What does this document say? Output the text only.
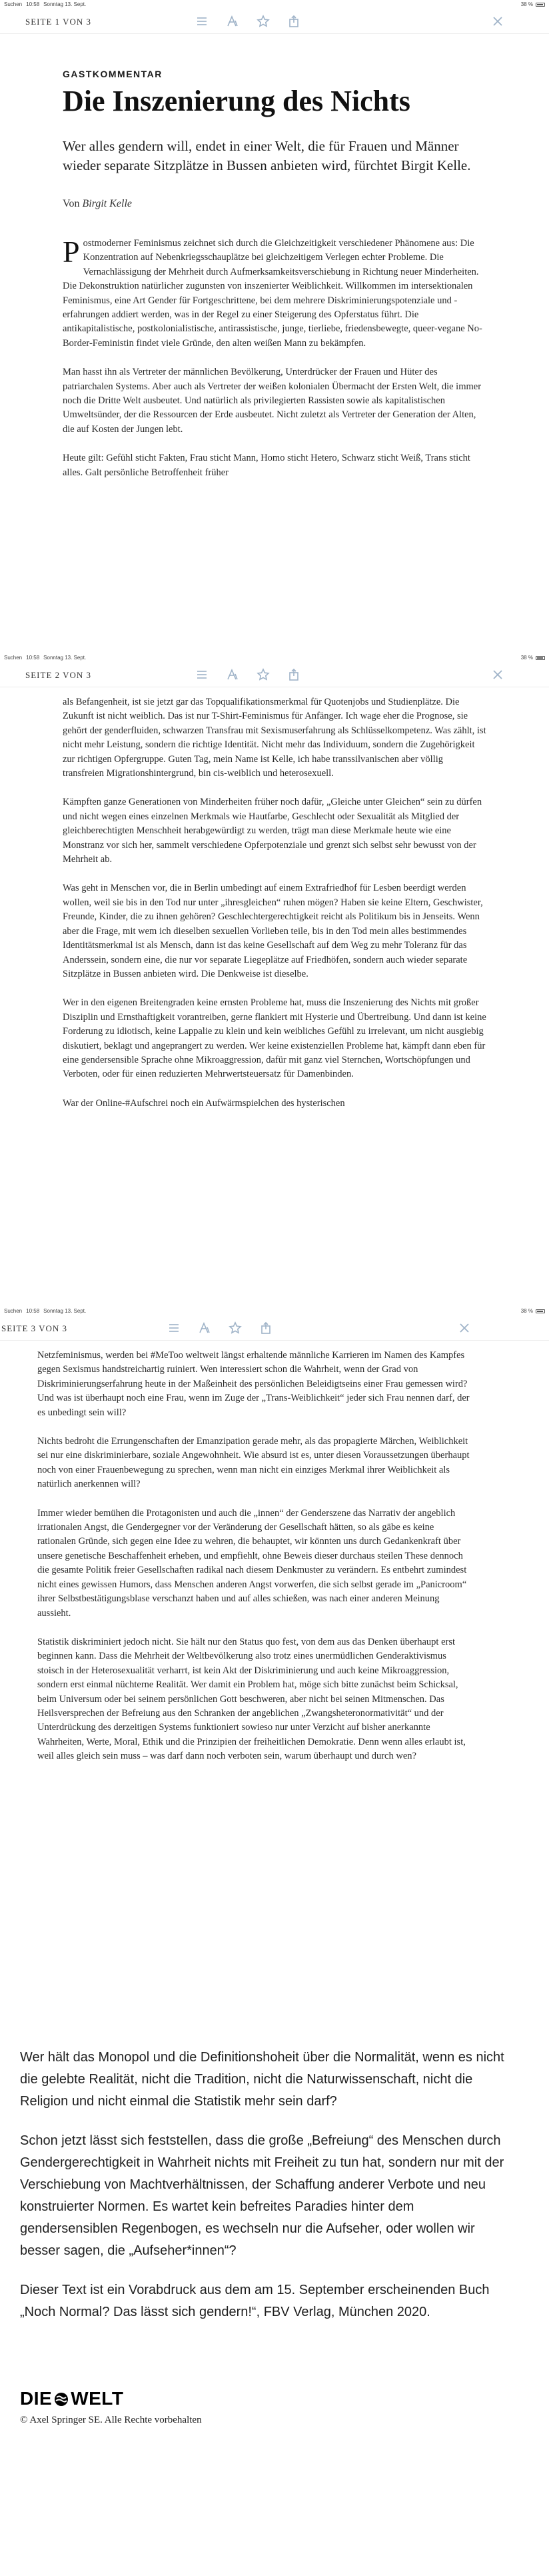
Suchen 10:58 Sonntag 13. Sept.	38 %
SEITE 1 VON 3
GASTKOMMENTAR
Die Inszenierung des Nichts

Wer alles gendern will, endet in einer Welt, die für Frauen und Männer wieder separate Sitzplätze in Bussen anbieten wird, fürchtet Birgit Kelle.

Von Birgit Kelle

Postmoderner Feminismus zeichnet sich durch die Gleichzeitigkeit verschiedener Phänomene aus: Die Konzentration auf Nebenkriegsschauplätze bei gleichzeitigem Verlegen echter Probleme. Die Vernachlässigung der Mehrheit durch Aufmerksamkeitsverschiebung in Richtung neuer Minderheiten. Die Dekonstruktion natürlicher zugunsten von inszenierter Weiblichkeit. Willkommen im intersektionalen Feminismus, eine Art Gender für Fortgeschrittene, bei dem mehrere Diskriminierungspotenziale und -erfahrungen addiert werden, was in der Regel zu einer Steigerung des Opferstatus führt. Die antikapitalistische, postkolonialistische, antirassistische, junge, tierliebe, friedensbewegte, queer-vegane No-Border-Feministin findet viele Gründe, den alten weißen Mann zu bekämpfen.

Man hasst ihn als Vertreter der männlichen Bevölkerung, Unterdrücker der Frauen und Hüter des patriarchalen Systems. Aber auch als Vertreter der weißen kolonialen Übermacht der Ersten Welt, die immer noch die Dritte Welt ausbeutet. Und natürlich als privilegierten Rassisten sowie als kapitalistischen Umweltsünder, der die Ressourcen der Erde ausbeutet. Nicht zuletzt als Vertreter der Generation der Alten, die auf Kosten der Jungen lebt.

Heute gilt: Gefühl sticht Fakten, Frau sticht Mann, Homo sticht Hetero, Schwarz sticht Weiß, Trans sticht alles. Galt persönliche Betroffenheit früher

Suchen 10:58 Sonntag 13. Sept.	38 %
SEITE 2 VON 3

als Befangenheit, ist sie jetzt gar das Topqualifikationsmerkmal für Quotenjobs und Studienplätze. Die Zukunft ist nicht weiblich. Das ist nur T-Shirt-Feminismus für Anfänger. Ich wage eher die Prognose, sie gehört der genderfluiden, schwarzen Transfrau mit Sexismuserfahrung als Schlüsselkompetenz. Was zählt, ist nicht mehr Leistung, sondern die richtige Identität. Nicht mehr das Individuum, sondern die Zugehörigkeit zur richtigen Opfergruppe. Guten Tag, mein Name ist Kelle, ich habe transsilvanischen aber völlig transfreien Migrationshintergrund, bin cis-weiblich und heterosexuell.

Kämpften ganze Generationen von Minderheiten früher noch dafür, „Gleiche unter Gleichen“ sein zu dürfen und nicht wegen eines einzelnen Merkmals wie Hautfarbe, Geschlecht oder Sexualität als Mitglied der gleichberechtigten Menschheit herabgewürdigt zu werden, trägt man diese Merkmale heute wie eine Monstranz vor sich her, sammelt verschiedene Opferpotenziale und grenzt sich selbst sehr bewusst von der Mehrheit ab.

Was geht in Menschen vor, die in Berlin umbedingt auf einem Extrafriedhof für Lesben beerdigt werden wollen, weil sie bis in den Tod nur unter „ihresgleichen“ ruhen mögen? Haben sie keine Eltern, Geschwister, Freunde, Kinder, die zu ihnen gehören? Geschlechtergerechtigkeit reicht als Politikum bis in Jenseits. Wenn aber die Frage, mit wem ich dieselben sexuellen Vorlieben teile, bis in den Tod mein alles bestimmendes Identitätsmerkmal ist als Mensch, dann ist das keine Gesellschaft auf dem Weg zu mehr Toleranz für das Anderssein, sondern eine, die nur vor separate Liegeplätze auf Friedhöfen, sondern auch wieder separate Sitzplätze in Bussen anbieten wird. Die Denkweise ist dieselbe.

Wer in den eigenen Breitengraden keine ernsten Probleme hat, muss die Inszenierung des Nichts mit großer Disziplin und Ernsthaftigkeit vorantreiben, gerne flankiert mit Hysterie und Übertreibung. Und dann ist keine Forderung zu idiotisch, keine Lappalie zu klein und kein weibliches Gefühl zu irrelevant, um nicht ausgiebig diskutiert, beklagt und angeprangert zu werden. Wer keine existenziellen Probleme hat, kämpft dann eben für eine gendersensible Sprache ohne Mikroaggression, dafür mit ganz viel Sternchen, Wortschöpfungen und Verboten, oder für einen reduzierten Mehrwertsteuersatz für Damenbinden.

War der Online-#Aufschrei noch ein Aufwärmspielchen des hysterischen

Suchen 10:58 Sonntag 13. Sept.	38 %
SEITE 3 VON 3

Netzfeminismus, werden bei #MeToo weltweit längst erhaltende männliche Karrieren im Namen des Kampfes gegen Sexismus handstreichartig ruiniert. Wen interessiert schon die Wahrheit, wenn der Grad von Diskriminierungserfahrung heute in der Maßeinheit des persönlichen Beleidigtseins einer Frau gemessen wird? Und was ist überhaupt noch eine Frau, wenn im Zuge der „Trans-Weiblichkeit“ jeder sich Frau nennen darf, der es unbedingt sein will?

Nichts bedroht die Errungenschaften der Emanzipation gerade mehr, als das propagierte Märchen, Weiblichkeit sei nur eine diskriminierbare, soziale Angewohnheit. Wie absurd ist es, unter diesen Voraussetzungen überhaupt noch von einer Frauenbewegung zu sprechen, wenn man nicht ein einziges Merkmal ihrer Weiblichkeit als natürlich anerkennen will?

Immer wieder bemühen die Protagonisten und auch die „innen“ der Genderszene das Narrativ der angeblich irrationalen Angst, die Gendergegner vor der Veränderung der Gesellschaft hätten, so als gäbe es keine rationalen Gründe, sich gegen eine Idee zu wehren, die behauptet, wir könnten uns durch Gedankenkraft über unsere genetische Beschaffenheit erheben, und empfiehlt, ohne Beweis dieser durchaus steilen These dennoch die gesamte Politik freier Gesellschaften radikal nach diesem Denkmuster zu verändern. Es entbehrt zumindest nicht eines gewissen Humors, dass Menschen anderen Angst vorwerfen, die sich selbst gerade im „Panicroom“ ihrer Selbstbestätigungsblase verschanzt haben und auf alles schießen, was nach einer anderen Meinung aussieht.

Statistik diskriminiert jedoch nicht. Sie hält nur den Status quo fest, von dem aus das Denken überhaupt erst beginnen kann. Dass die Mehrheit der Weltbevölkerung also trotz eines unermüdlichen Genderaktivismus stoisch in der Heterosexualität verharrt, ist kein Akt der Diskriminierung und auch keine Mikroaggression, sondern erst einmal nüchterne Realität. Wer damit ein Problem hat, möge sich bitte zunächst beim Schicksal, beim Universum oder bei seinem persönlichen Gott beschweren, aber nicht bei seinen Mitmenschen. Das Heilsversprechen der Befreiung aus den Schranken der angeblichen „Zwangsheteronormativität“ und der Unterdrückung des derzeitigen Systems funktioniert sowieso nur unter Verzicht auf bisher anerkannte Wahrheiten, Werte, Moral, Ethik und die Prinzipien der freiheitlichen Demokratie. Denn wenn alles erlaubt ist, weil alles gleich sein muss – was darf dann noch verboten sein, warum überhaupt und durch wen?

Wer hält das Monopol und die Definitionshoheit über die Normalität, wenn es nicht die gelebte Realität, nicht die Tradition, nicht die Naturwissenschaft, nicht die Religion und nicht einmal die Statistik mehr sein darf?

Schon jetzt lässt sich feststellen, dass die große „Befreiung“ des Menschen durch Gendergerechtigkeit in Wahrheit nichts mit Freiheit zu tun hat, sondern nur mit der Verschiebung von Machtverhältnissen, der Schaffung anderer Verbote und neu konstruierter Normen. Es wartet kein befreites Paradies hinter dem gendersensiblen Regenbogen, es wechseln nur die Aufseher, oder wollen wir besser sagen, die „Aufseher*innen“?

Dieser Text ist ein Vorabdruck aus dem am 15. September erscheinenden Buch „Noch Normal? Das lässt sich gendern!“, FBV Verlag, München 2020.

DIE WELT
© Axel Springer SE. Alle Rechte vorbehalten
